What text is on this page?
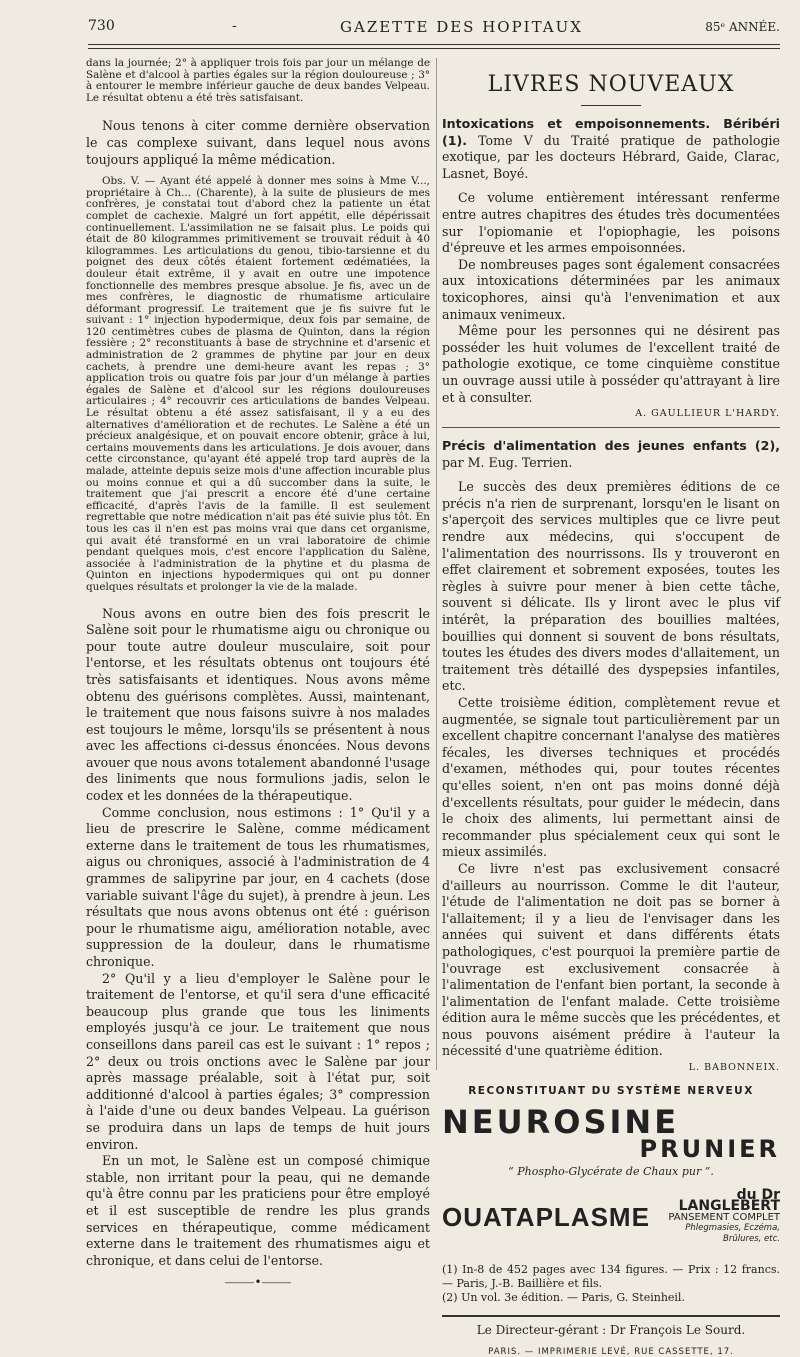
730	-	GAZETTE DES HOPITAUX	85ᵉ ANNÉE.

dans la journée; 2° à appliquer trois fois par jour un mélange de Salène et d'alcool à parties égales sur la région douloureuse ; 3° à entourer le membre inférieur gauche de deux bandes Velpeau. Le résultat obtenu a été très satisfaisant.

Nous tenons à citer comme dernière observation le cas complexe suivant, dans lequel nous avons toujours appliqué la même médication.

Obs. V. — Ayant été appelé à donner mes soins à Mme V..., propriétaire à Ch... (Charente), à la suite de plusieurs de mes confrères, je constatai tout d'abord chez la patiente un état complet de cachexie. Malgré un fort appétit, elle dépérissait continuellement. L'assimilation ne se faisait plus. Le poids qui était de 80 kilogrammes primitivement se trouvait réduit à 40 kilogrammes. Les articulations du genou, tibio-tarsienne et du poignet des deux côtés étaient fortement œdématiées, la douleur était extrême, il y avait en outre une impotence fonctionnelle des membres presque absolue. Je fis, avec un de mes confrères, le diagnostic de rhumatisme articulaire déformant progressif. Le traitement que je fis suivre fut le suivant : 1° injection hypodermique, deux fois par semaine, de 120 centimètres cubes de plasma de Quinton, dans la région fessière ; 2° reconstituants à base de strychnine et d'arsenic et administration de 2 grammes de phytine par jour en deux cachets, à prendre une demi-heure avant les repas ; 3° application trois ou quatre fois par jour d'un mélange à parties égales de Salène et d'alcool sur les régions douloureuses articulaires ; 4° recouvrir ces articulations de bandes Velpeau. Le résultat obtenu a été assez satisfaisant, il y a eu des alternatives d'amélioration et de rechutes. Le Salène a été un précieux analgésique, et on pouvait encore obtenir, grâce à lui, certains mouvements dans les articulations. Je dois avouer, dans cette circonstance, qu'ayant été appelé trop tard auprès de la malade, atteinte depuis seize mois d'une affection incurable plus ou moins connue et qui a dû succomber dans la suite, le traitement que j'ai prescrit a encore été d'une certaine efficacité, d'après l'avis de la famille. Il est seulement regrettable que notre médication n'ait pas été suivie plus tôt. En tous les cas il n'en est pas moins vrai que dans cet organisme, qui avait été transformé en un vrai laboratoire de chimie pendant quelques mois, c'est encore l'application du Salène, associée à l'administration de la phytine et du plasma de Quinton en injections hypodermiques qui ont pu donner quelques résultats et prolonger la vie de la malade.

Nous avons en outre bien des fois prescrit le Salène soit pour le rhumatisme aigu ou chronique ou pour toute autre douleur musculaire, soit pour l'entorse, et les résultats obtenus ont toujours été très satisfaisants et identiques. Nous avons même obtenu des guérisons complètes. Aussi, maintenant, le traitement que nous faisons suivre à nos malades est toujours le même, lorsqu'ils se présentent à nous avec les affections ci-dessus énoncées. Nous devons avouer que nous avons totalement abandonné l'usage des liniments que nous formulions jadis, selon le codex et les données de la thérapeutique.

Comme conclusion, nous estimons : 1° Qu'il y a lieu de prescrire le Salène, comme médicament externe dans le traitement de tous les rhumatismes, aigus ou chroniques, associé à l'administration de 4 grammes de salipyrine par jour, en 4 cachets (dose variable suivant l'âge du sujet), à prendre à jeun. Les résultats que nous avons obtenus ont été : guérison pour le rhumatisme aigu, amélioration notable, avec suppression de la douleur, dans le rhumatisme chronique.

2° Qu'il y a lieu d'employer le Salène pour le traitement de l'entorse, et qu'il sera d'une efficacité beaucoup plus grande que tous les liniments employés jusqu'à ce jour. Le traitement que nous conseillons dans pareil cas est le suivant : 1° repos ; 2° deux ou trois onctions avec le Salène par jour après massage préalable, soit à l'état pur, soit additionné d'alcool à parties égales; 3° compression à l'aide d'une ou deux bandes Velpeau. La guérison se produira dans un laps de temps de huit jours environ.

En un mot, le Salène est un composé chimique stable, non irritant pour la peau, qui ne demande qu'à être connu par les praticiens pour être employé et il est susceptible de rendre les plus grands services en thérapeutique, comme médicament externe dans le traitement des rhumatismes aigu et chronique, et dans celui de l'entorse.

⸻•⸻
LIVRES NOUVEAUX

Intoxications et empoisonnements. Béribéri (1). Tome V du Traité pratique de pathologie exotique, par les docteurs Hébrard, Gaide, Clarac, Lasnet, Boyé.

Ce volume entièrement intéressant renferme entre autres chapitres des études très documentées sur l'opiomanie et l'opiophagie, les poisons d'épreuve et les armes empoisonnées.

De nombreuses pages sont également consacrées aux intoxications déterminées par les animaux toxicophores, ainsi qu'à l'envenimation et aux animaux venimeux.

Même pour les personnes qui ne désirent pas posséder les huit volumes de l'excellent traité de pathologie exotique, ce tome cinquième constitue un ouvrage aussi utile à posséder qu'attrayant à lire et à consulter.

A. GAULLIEUR L'HARDY.

Précis d'alimentation des jeunes enfants (2), par M. Eug. Terrien.

Le succès des deux premières éditions de ce précis n'a rien de surprenant, lorsqu'en le lisant on s'aperçoit des services multiples que ce livre peut rendre aux médecins, qui s'occupent de l'alimentation des nourrissons. Ils y trouveront en effet clairement et sobrement exposées, toutes les règles à suivre pour mener à bien cette tâche, souvent si délicate. Ils y liront avec le plus vif intérêt, la préparation des bouillies maltées, bouillies qui donnent si souvent de bons résultats, toutes les études des divers modes d'allaitement, un traitement très détaillé des dyspepsies infantiles, etc.

Cette troisième édition, complètement revue et augmentée, se signale tout particulièrement par un excellent chapitre concernant l'analyse des matières fécales, les diverses techniques et procédés d'examen, méthodes qui, pour toutes récentes qu'elles soient, n'en ont pas moins donné déjà d'excellents résultats, pour guider le médecin, dans le choix des aliments, lui permettant ainsi de recommander plus spécialement ceux qui sont le mieux assimilés.

Ce livre n'est pas exclusivement consacré d'ailleurs au nourrisson. Comme le dit l'auteur, l'étude de l'alimentation ne doit pas se borner à l'allaitement; il y a lieu de l'envisager dans les années qui suivent et dans différents états pathologiques, c'est pourquoi la première partie de l'ouvrage est exclusivement consacrée à l'alimentation de l'enfant bien portant, la seconde à l'alimentation de l'enfant malade. Cette troisième édition aura le même succès que les précédentes, et nous pouvons aisément prédire à l'auteur la nécessité d'une quatrième édition.

L. BABONNEIX.
RECONSTITUANT DU SYSTÈME NERVEUX
NEUROSINE
PRUNIER
“ Phospho-Glycérate de Chaux pur ”.
OUATAPLASME
du Dr LANGLEBERT
PANSEMENT COMPLET
Phlegmasies, Eczéma, Brûlures, etc.

(1) In-8 de 452 pages avec 134 figures. — Prix : 12 francs. — Paris, J.-B. Baillière et fils.

(2) Un vol. 3e édition. — Paris, G. Steinheil.

Le Directeur-gérant : Dr François Le Sourd.
PARIS. — IMPRIMERIE LEVÉ, RUE CASSETTE, 17.
